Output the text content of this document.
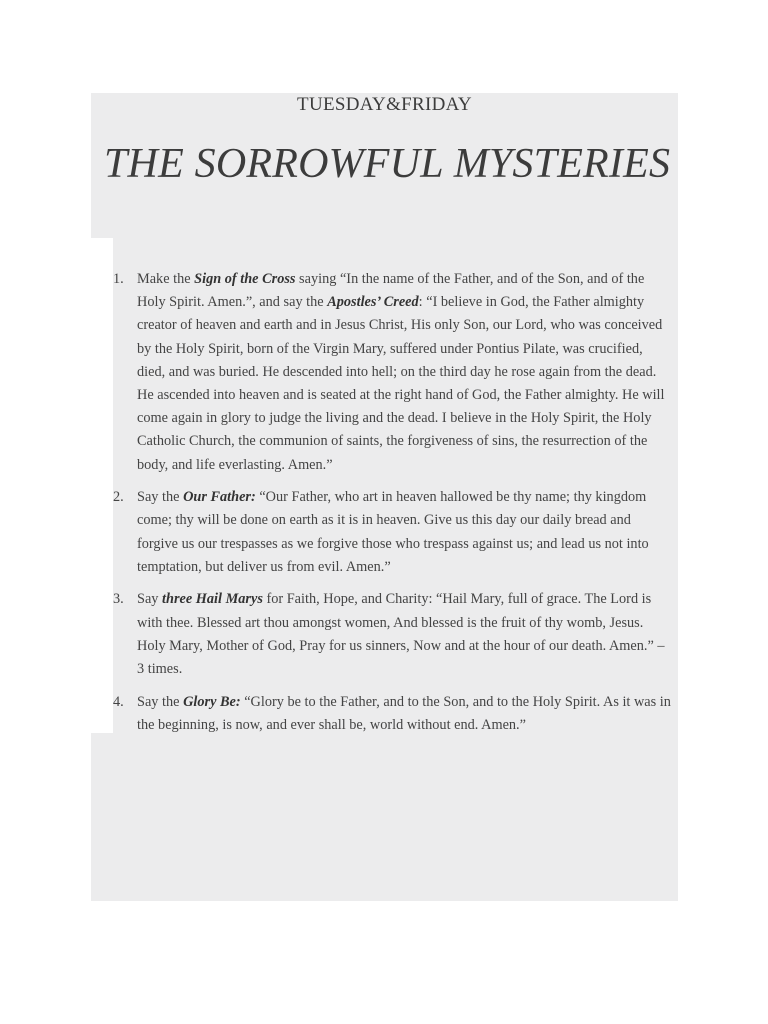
TUESDAY&FRIDAY
THE SORROWFUL MYSTERIES
1. Make the Sign of the Cross saying “In the name of the Father, and of the Son, and of the Holy Spirit. Amen.”, and say the Apostles’ Creed: “I believe in God, the Father almighty creator of heaven and earth and in Jesus Christ, His only Son, our Lord, who was conceived by the Holy Spirit, born of the Virgin Mary, suffered under Pontius Pilate, was crucified, died, and was buried. He descended into hell; on the third day he rose again from the dead. He ascended into heaven and is seated at the right hand of God, the Father almighty. He will come again in glory to judge the living and the dead. I believe in the Holy Spirit, the Holy Catholic Church, the communion of saints, the forgiveness of sins, the resurrection of the body, and life everlasting. Amen.”
2. Say the Our Father: “Our Father, who art in heaven hallowed be thy name; thy kingdom come; thy will be done on earth as it is in heaven. Give us this day our daily bread and forgive us our trespasses as we forgive those who trespass against us; and lead us not into temptation, but deliver us from evil. Amen.”
3. Say three Hail Marys for Faith, Hope, and Charity: “Hail Mary, full of grace. The Lord is with thee. Blessed art thou amongst women, And blessed is the fruit of thy womb, Jesus. Holy Mary, Mother of God, Pray for us sinners, Now and at the hour of our death. Amen.” – 3 times.
4. Say the Glory Be: “Glory be to the Father, and to the Son, and to the Holy Spirit. As it was in the beginning, is now, and ever shall be, world without end. Amen.”
